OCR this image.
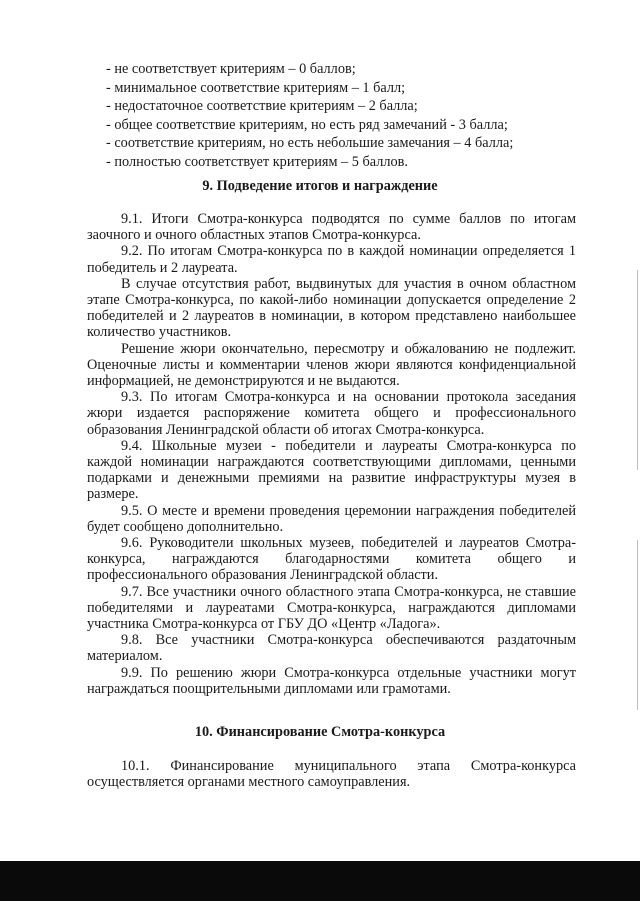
- не соответствует критериям – 0 баллов;
- минимальное соответствие критериям – 1 балл;
- недостаточное соответствие критериям – 2 балла;
- общее соответствие критериям, но есть ряд замечаний - 3 балла;
- соответствие критериям, но есть небольшие замечания – 4 балла;
- полностью соответствует критериям – 5 баллов.
9. Подведение итогов и награждение

9.1. Итоги Смотра-конкурса подводятся по сумме баллов по итогам заочного и очного областных этапов Смотра-конкурса.

9.2. По итогам Смотра-конкурса по в каждой номинации определяется 1 победитель и 2 лауреата.

В случае отсутствия работ, выдвинутых для участия в очном областном этапе Смотра-конкурса, по какой-либо номинации допускается определение 2 победителей и 2 лауреатов в номинации, в котором представлено наибольшее количество участников.

Решение жюри окончательно, пересмотру и обжалованию не подлежит. Оценочные листы и комментарии членов жюри являются конфиденциальной информацией, не демонстрируются и не выдаются.

9.3. По итогам Смотра-конкурса и на основании протокола заседания жюри издается распоряжение комитета общего и профессионального образования Ленинградской области об итогах Смотра-конкурса.

9.4. Школьные музеи - победители и лауреаты Смотра-конкурса по каждой номинации награждаются соответствующими дипломами, ценными подарками и денежными премиями на развитие инфраструктуры музея в размере.

9.5. О месте и времени проведения церемонии награждения победителей будет сообщено дополнительно.

9.6. Руководители школьных музеев, победителей и лауреатов Смотра-конкурса, награждаются благодарностями комитета общего и профессионального образования Ленинградской области.

9.7. Все участники очного областного этапа Смотра-конкурса, не ставшие победителями и лауреатами Смотра-конкурса, награждаются дипломами участника Смотра-конкурса от ГБУ ДО «Центр «Ладога».

9.8. Все участники Смотра-конкурса обеспечиваются раздаточным материалом.

9.9. По решению жюри Смотра-конкурса отдельные участники могут награждаться поощрительными дипломами или грамотами.

10. Финансирование Смотра-конкурса

10.1. Финансирование муниципального этапа Смотра-конкурса осуществляется органами местного самоуправления.
